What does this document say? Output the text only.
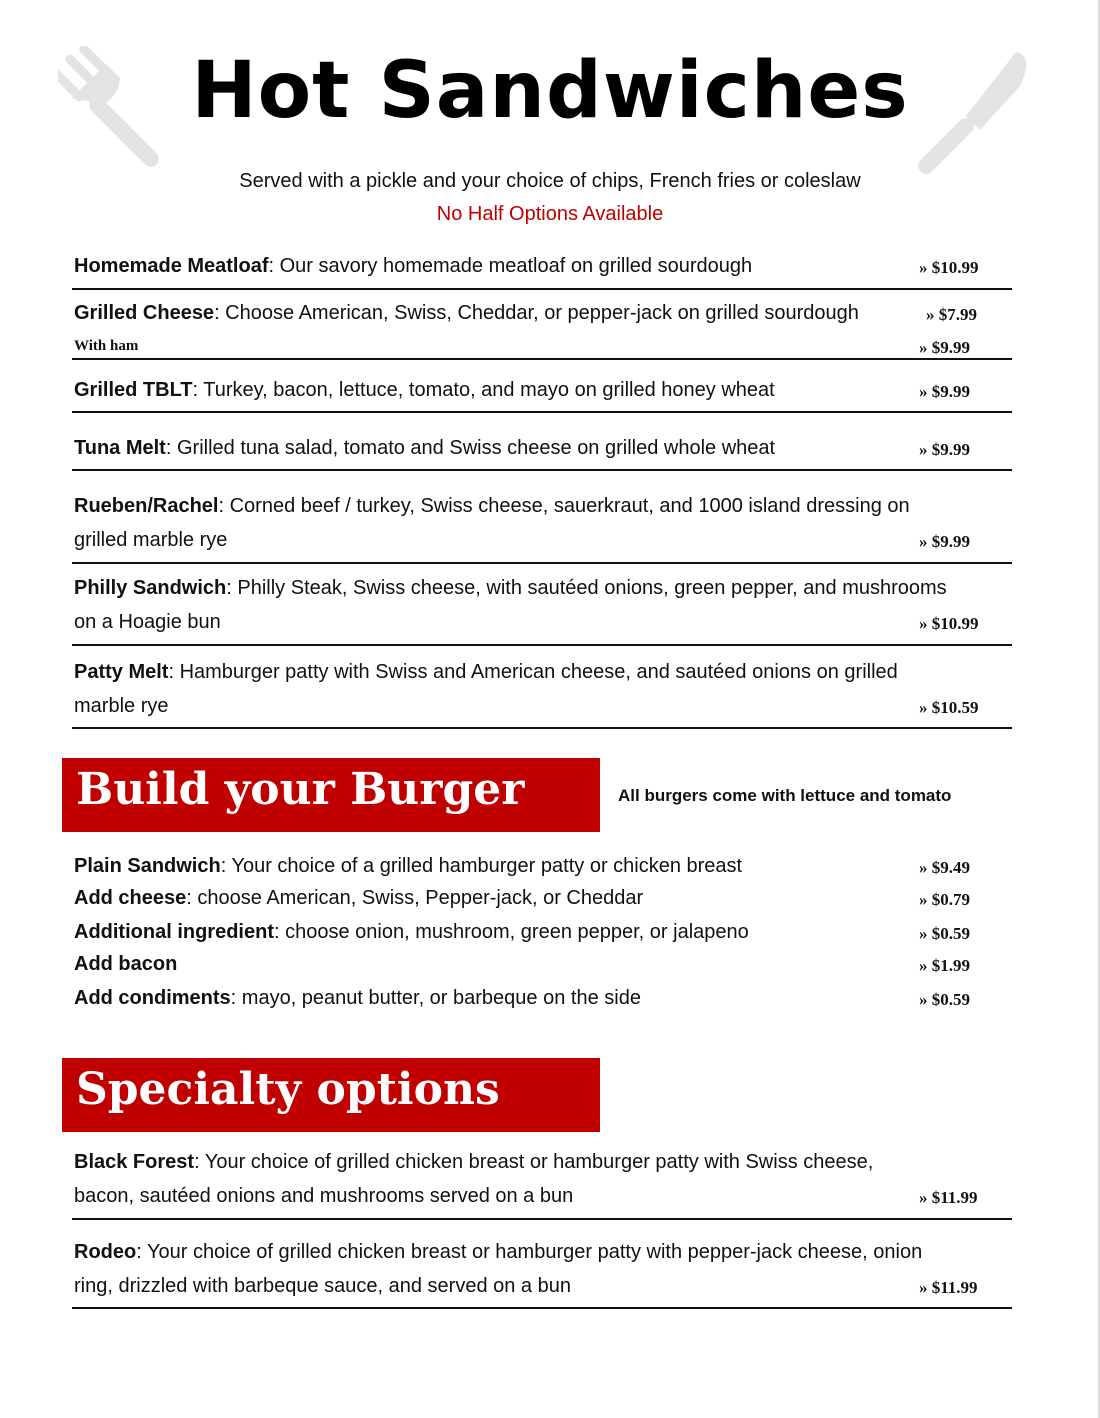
Hot Sandwiches
Served with a pickle and your choice of chips, French fries or coleslaw
No Half Options Available
Homemade Meatloaf: Our savory homemade meatloaf on grilled sourdough	» $10.99
Grilled Cheese: Choose American, Swiss, Cheddar, or pepper-jack on grilled sourdough	» $7.99
With ham	» $9.99
Grilled TBLT: Turkey, bacon, lettuce, tomato, and mayo on grilled honey wheat	» $9.99
Tuna Melt: Grilled tuna salad, tomato and Swiss cheese on grilled whole wheat	» $9.99
Rueben/Rachel: Corned beef / turkey, Swiss cheese, sauerkraut, and 1000 island dressing on
grilled marble rye	» $9.99
Philly Sandwich: Philly Steak, Swiss cheese, with sautéed onions, green pepper, and mushrooms
on a Hoagie bun	» $10.99
Patty Melt: Hamburger patty with Swiss and American cheese, and sautéed onions on grilled
marble rye	» $10.59
Build your Burger	All burgers come with lettuce and tomato
Plain Sandwich: Your choice of a grilled hamburger patty or chicken breast	» $9.49
Add cheese: choose American, Swiss, Pepper-jack, or Cheddar	» $0.79
Additional ingredient: choose onion, mushroom, green pepper, or jalapeno	» $0.59
Add bacon	» $1.99
Add condiments: mayo, peanut butter, or barbeque on the side	» $0.59
Specialty options
Black Forest: Your choice of grilled chicken breast or hamburger patty with Swiss cheese,
bacon, sautéed onions and mushrooms served on a bun	» $11.99
Rodeo: Your choice of grilled chicken breast or hamburger patty with pepper-jack cheese, onion
ring, drizzled with barbeque sauce, and served on a bun	» $11.99
